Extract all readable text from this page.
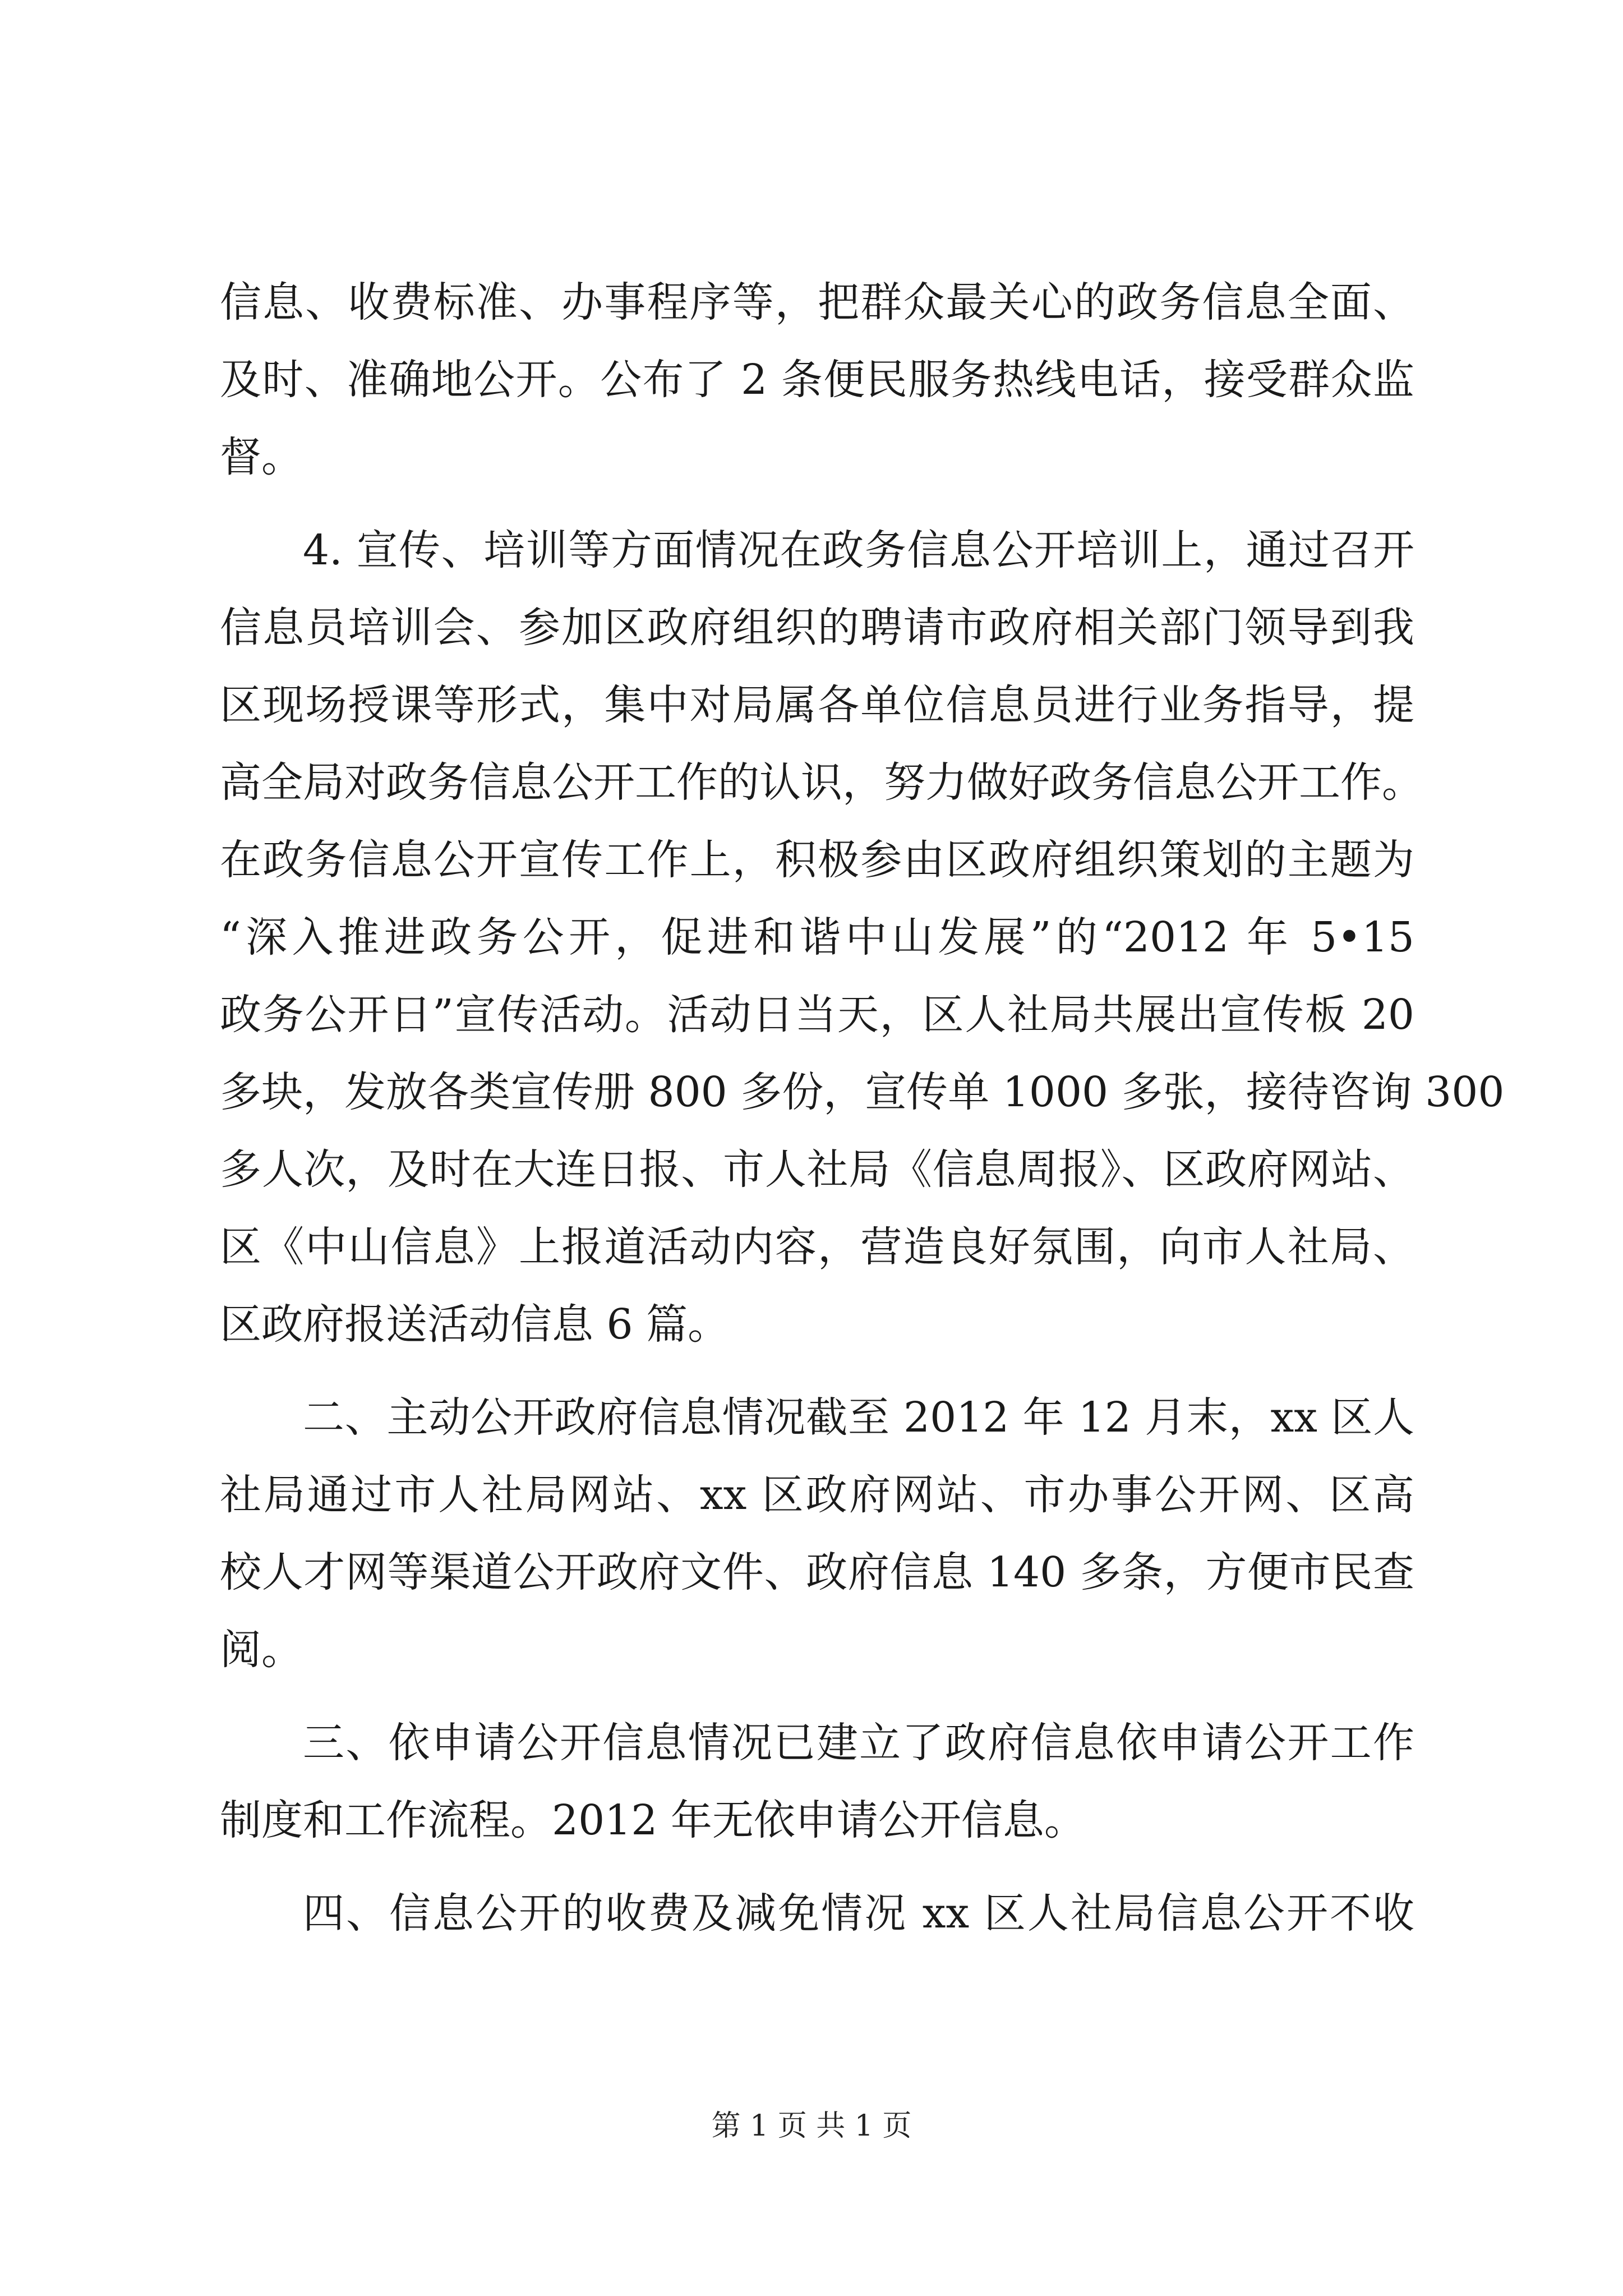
信息、收费标准、办事程序等，把群众最关心的政务信息全面、
及时、准确地公开。公布了 2 条便民服务热线电话，接受群众监
督。
4. 宣传、培训等方面情况在政务信息公开培训上，通过召开
信息员培训会、参加区政府组织的聘请市政府相关部门领导到我
区现场授课等形式，集中对局属各单位信息员进行业务指导，提
高全局对政务信息公开工作的认识，努力做好政务信息公开工作。
在政务信息公开宣传工作上，积极参由区政府组织策划的主题为
“深入推进政务公开，促进和谐中山发展”的“2012 年 5•15
政务公开日”宣传活动。活动日当天，区人社局共展出宣传板 20
多块，发放各类宣传册 800 多份，宣传单 1000 多张，接待咨询 300
多人次，及时在大连日报、市人社局《信息周报》、区政府网站、
区《中山信息》上报道活动内容，营造良好氛围，向市人社局、
区政府报送活动信息 6 篇。
二、主动公开政府信息情况截至 2012 年 12 月末，xx 区人
社局通过市人社局网站、xx 区政府网站、市办事公开网、区高
校人才网等渠道公开政府文件、政府信息 140 多条，方便市民查
阅。
三、依申请公开信息情况已建立了政府信息依申请公开工作
制度和工作流程。2012 年无依申请公开信息。
四、信息公开的收费及减免情况 xx 区人社局信息公开不收
第 1 页 共 1 页
